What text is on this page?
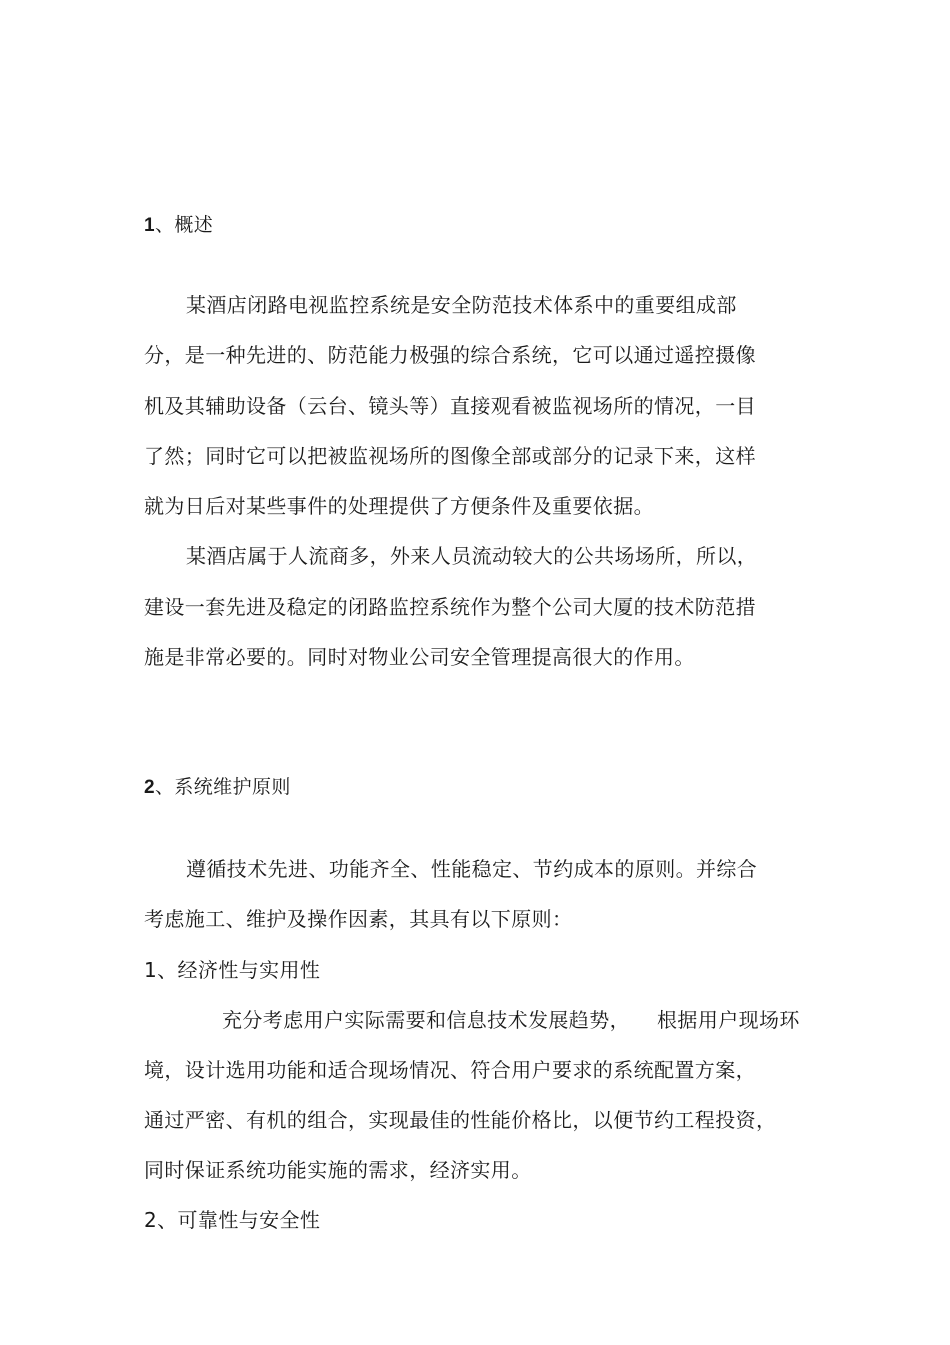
1、概述
某酒店闭路电视监控系统是安全防范技术体系中的重要组成部
分，是一种先进的、防范能力极强的综合系统，它可以通过遥控摄像
机及其辅助设备（云台、镜头等）直接观看被监视场所的情况，一目
了然；同时它可以把被监视场所的图像全部或部分的记录下来，这样
就为日后对某些事件的处理提供了方便条件及重要依据。
某酒店属于人流商多，外来人员流动较大的公共场场所，所以，
建设一套先进及稳定的闭路监控系统作为整个公司大厦的技术防范措
施是非常必要的。同时对物业公司安全管理提高很大的作用。
2、系统维护原则
遵循技术先进、功能齐全、性能稳定、节约成本的原则。并综合
考虑施工、维护及操作因素，其具有以下原则：
1、经济性与实用性
充分考虑用户实际需要和信息技术发展趋势，    根据用户现场环
境，设计选用功能和适合现场情况、符合用户要求的系统配置方案，
通过严密、有机的组合，实现最佳的性能价格比，以便节约工程投资，
同时保证系统功能实施的需求，经济实用。
2、可靠性与安全性
